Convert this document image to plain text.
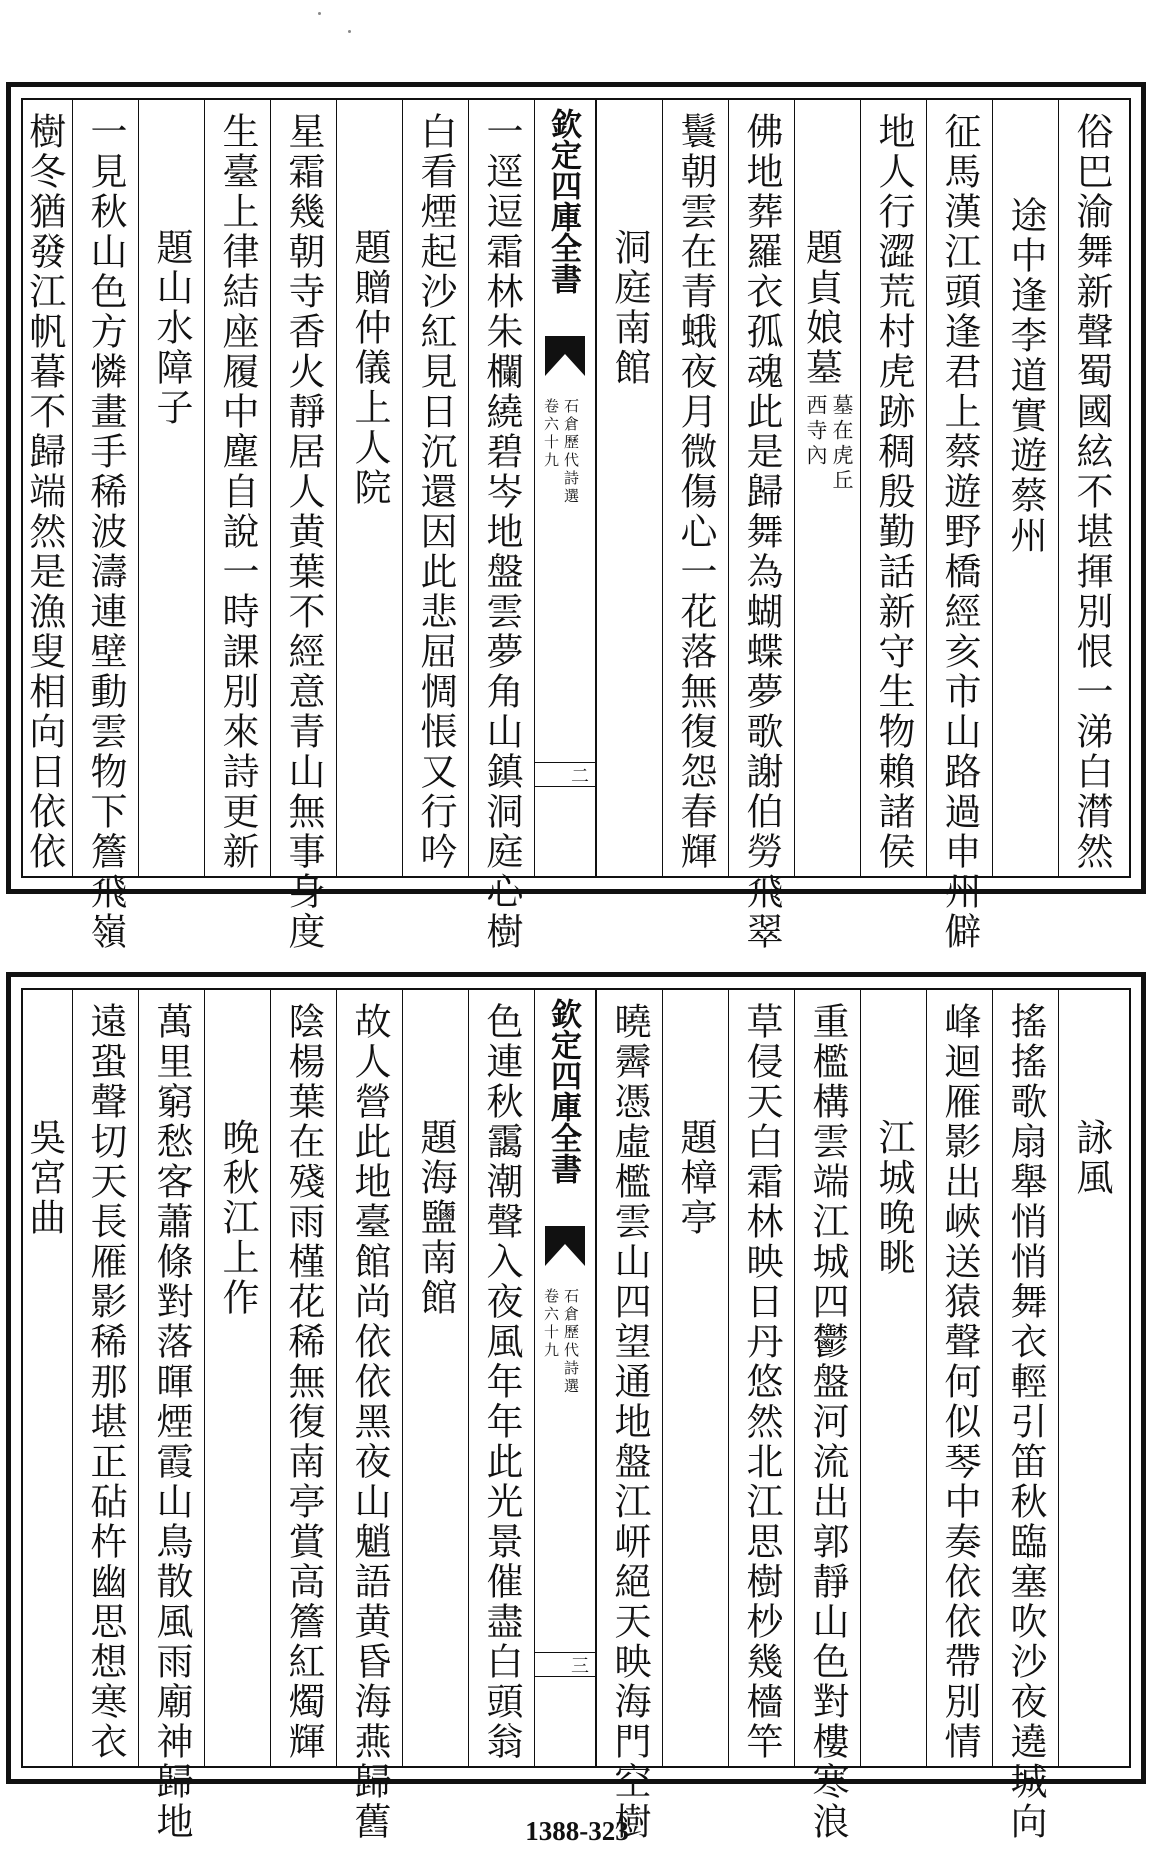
俗巴渝舞新聲蜀國絃不堪揮別恨一涕白潸然
途中逢李道實遊蔡州
征馬漢江頭逢君上蔡遊野橋經亥市山路過申州僻
地人行澀荒村虎跡稠殷勤話新守生物賴諸侯
題貞娘墓
墓在虎丘
西寺內
佛地葬羅衣孤魂此是歸舞為蝴蝶夢歌謝伯勞飛翠
鬟朝雲在青蛾夜月微傷心一花落無復怨春輝
洞庭南館
欽定四庫全書
石倉歷代詩選
卷六十九
二
一逕逗霜林朱欄繞碧岑地盤雲夢角山鎮洞庭心樹
白看煙起沙紅見日沉還因此悲屈惆悵又行吟
題贈仲儀上人院
星霜幾朝寺香火靜居人黄葉不經意青山無事身度
生臺上律結座履中塵自說一時課別來詩更新
題山水障子
一見秋山色方憐畫手稀波濤連壁動雲物下簷飛嶺
樹冬猶發江帆暮不歸端然是漁叟相向日依依
詠風
搖搖歌扇舉悄悄舞衣輕引笛秋臨塞吹沙夜遶城向
峰迴雁影出峽送猿聲何似琴中奏依依帶別情
江城晚眺
重檻構雲端江城四鬱盤河流出郭靜山色對樓寒浪
草侵天白霜林映日丹悠然北江思樹杪幾檣竿
題樟亭
曉霽憑虛檻雲山四望通地盤江岍絕天映海門空樹
欽定四庫全書
石倉歷代詩選
卷六十九
三
色連秋靄潮聲入夜風年年此光景催盡白頭翁
題海鹽南館
故人營此地臺館尚依依黑夜山魈語黄昏海燕歸舊
陰楊葉在殘雨槿花稀無復南亭賞高簷紅燭輝
晚秋江上作
萬里窮愁客蕭條對落暉煙霞山鳥散風雨廟神歸地
遠蛩聲切天長雁影稀那堪正砧杵幽思想寒衣
吳宮曲
1388-323
